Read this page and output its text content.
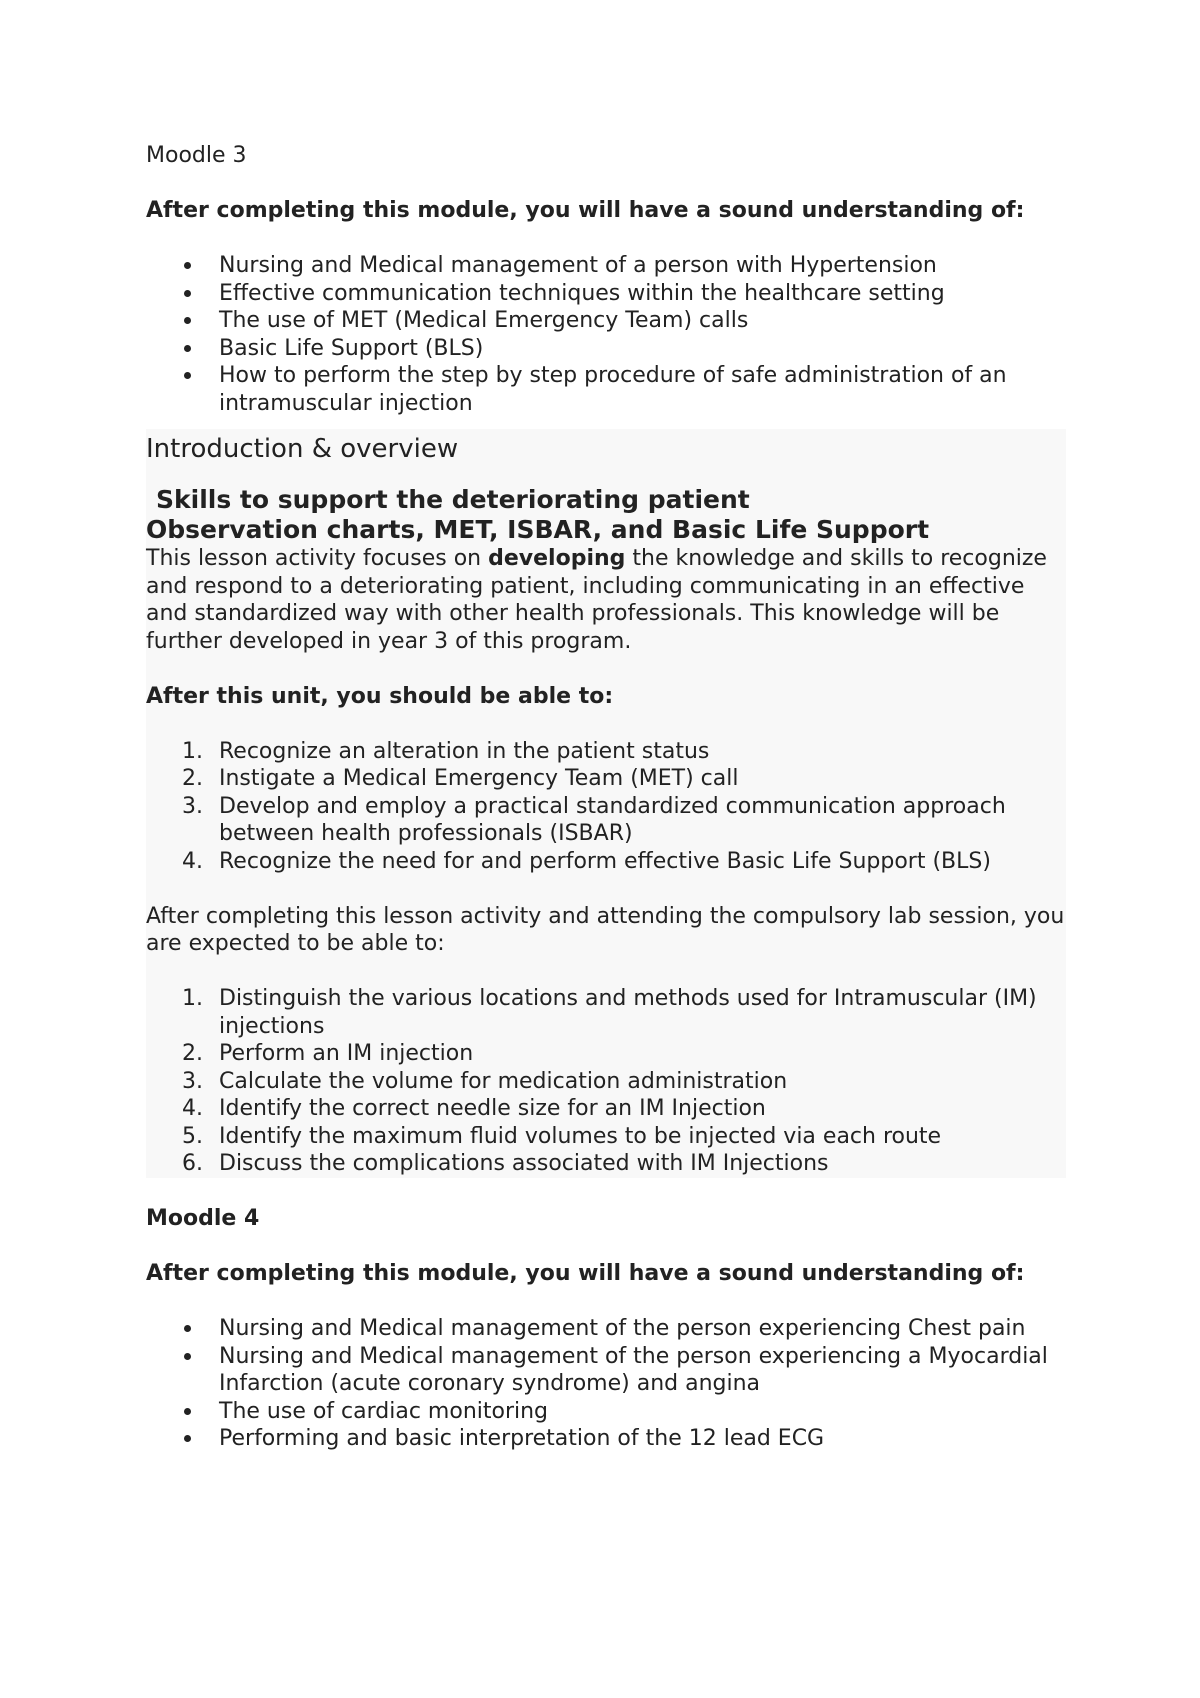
Moodle 3

After completing this module, you will have a sound understanding of:

Nursing and Medical management of a person with Hypertension
Effective communication techniques within the healthcare setting
The use of MET (Medical Emergency Team) calls
Basic Life Support (BLS)
How to perform the step by step procedure of safe administration of an intramuscular injection

Introduction & overview

Skills to support the deteriorating patient

Observation charts, MET, ISBAR, and Basic Life Support

This lesson activity focuses on developing the knowledge and skills to recognize and respond to a deteriorating patient, including communicating in an effective and standardized way with other health professionals. This knowledge will be further developed in year 3 of this program.

After this unit, you should be able to:

1. Recognize an alteration in the patient status
2. Instigate a Medical Emergency Team (MET) call
3. Develop and employ a practical standardized communication approach between health professionals (ISBAR)
4. Recognize the need for and perform effective Basic Life Support (BLS)

After completing this lesson activity and attending the compulsory lab session, you are expected to be able to:

1. Distinguish the various locations and methods used for Intramuscular (IM) injections
2. Perform an IM injection
3. Calculate the volume for medication administration
4. Identify the correct needle size for an IM Injection
5. Identify the maximum fluid volumes to be injected via each route
6. Discuss the complications associated with IM Injections

Moodle 4

After completing this module, you will have a sound understanding of:

Nursing and Medical management of the person experiencing Chest pain
Nursing and Medical management of the person experiencing a Myocardial Infarction (acute coronary syndrome) and angina
The use of cardiac monitoring
Performing and basic interpretation of the 12 lead ECG
